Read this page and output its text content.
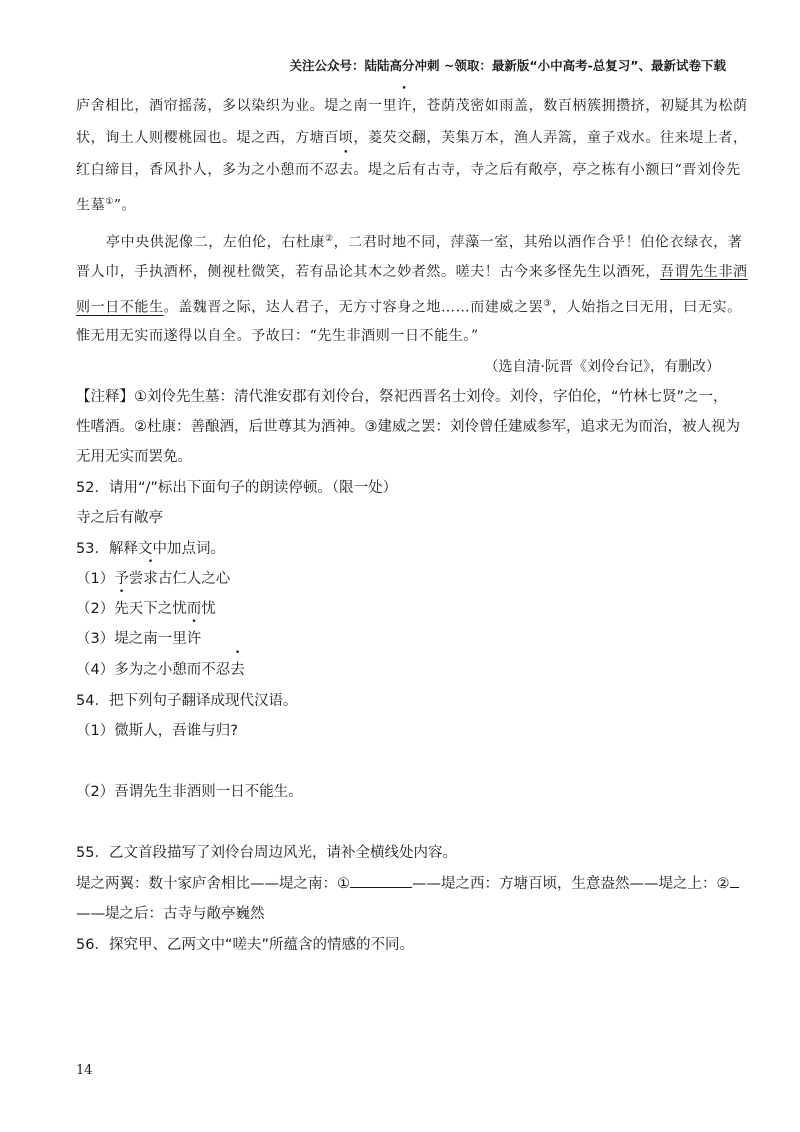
关注公众号：陆陆高分冲刺 ~领取：最新版“小中高考-总复习”、最新试卷下载
庐舍相比，酒帘摇荡，多以染织为业。堤之南一里许，苍荫茂密如雨盖，数百柄簇拥攒挤，初疑其为松荫
状，询土人则樱桃园也。堤之西，方塘百顷，菱芡交翻，芙集万本，渔人弄篙，童子戏水。往来堤上者，
红白缔目，香风扑人，多为之小憩而不忍去。堤之后有古寺，寺之后有敞亭，亭之栋有小额曰“晋刘伶先
生墓①”。
亭中央供泥像二，左伯伦，右杜康②，二君时地不同，萍藻一室，其殆以酒作合乎！伯伦衣绿衣，著
晋人巾，手执酒杯，侧视杜微笑，若有品论其木之妙者然。嗟夫！古今来多怪先生以酒死，吾谓先生非酒
则一日不能生。盖魏晋之际，达人君子，无方寸容身之地……而建威之罢③，人始指之曰无用，曰无实。
惟无用无实而遂得以自全。予故曰：“先生非酒则一日不能生。”
（选自清·阮晋《刘伶台记》，有删改）
【注释】①刘伶先生墓：清代淮安郡有刘伶台，祭祀西晋名士刘伶。刘伶，字伯伦，“竹林七贤”之一，
性嗜酒。②杜康：善酿酒，后世尊其为酒神。③建威之罢：刘伶曾任建威参军，追求无为而治，被人视为
无用无实而罢免。
52．请用“/”标出下面句子的朗读停顿。（限一处）
寺之后有敞亭
53．解释文中加点词。
（1）予尝求古仁人之心
（2）先天下之忧而忧
（3）堤之南一里许
（4）多为之小憩而不忍去
54．把下列句子翻译成现代汉语。
（1）微斯人，吾谁与归?
（2）吾谓先生非酒则一日不能生。
55．乙文首段描写了刘伶台周边风光，请补全横线处内容。
堤之两翼：数十家庐舍相比——堤之南：①	——堤之西：方塘百顷，生意盎然——堤之上：②
——堤之后：古寺与敞亭巍然
56．探究甲、乙两文中“嗟夫”所蕴含的情感的不同。
14
